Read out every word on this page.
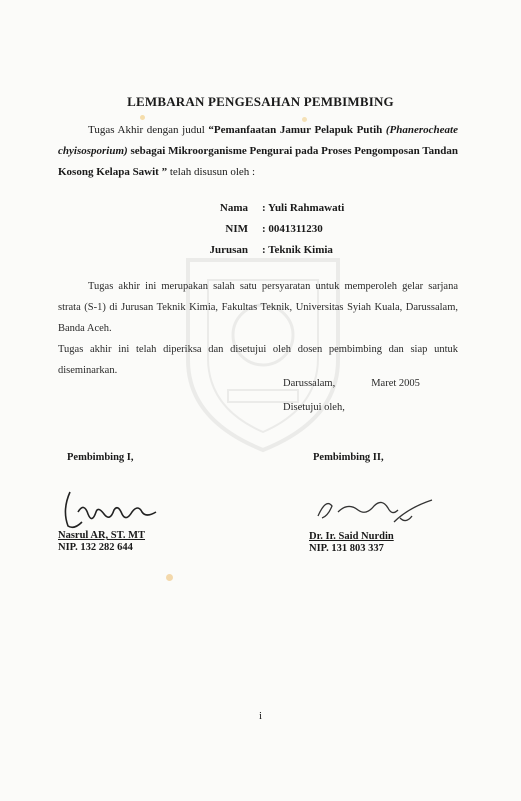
LEMBARAN PENGESAHAN PEMBIMBING
Tugas Akhir dengan judul “Pemanfaatan Jamur Pelapuk Putih (Phanerocheate chyisosporium) sebagai Mikroorganisme Pengurai pada Proses Pengomposan Tandan Kosong Kelapa Sawit ” telah disusun oleh :
Nama : Yuli Rahmawati
NIM : 0041311230
Jurusan : Teknik Kimia
Tugas akhir ini merupakan salah satu persyaratan untuk memperoleh gelar sarjana strata (S-1) di Jurusan Teknik Kimia, Fakultas Teknik, Universitas Syiah Kuala, Darussalam, Banda Aceh.
Tugas akhir ini telah diperiksa dan disetujui oleh dosen pembimbing dan siap untuk diseminarkan.
Darussalam,	Maret 2005
Disetujui oleh,
Pembimbing I,	Pembimbing II,
Nasrul AR, ST. MT
NIP. 132 282 644
Dr. Ir. Said Nurdin
NIP. 131 803 337
i
